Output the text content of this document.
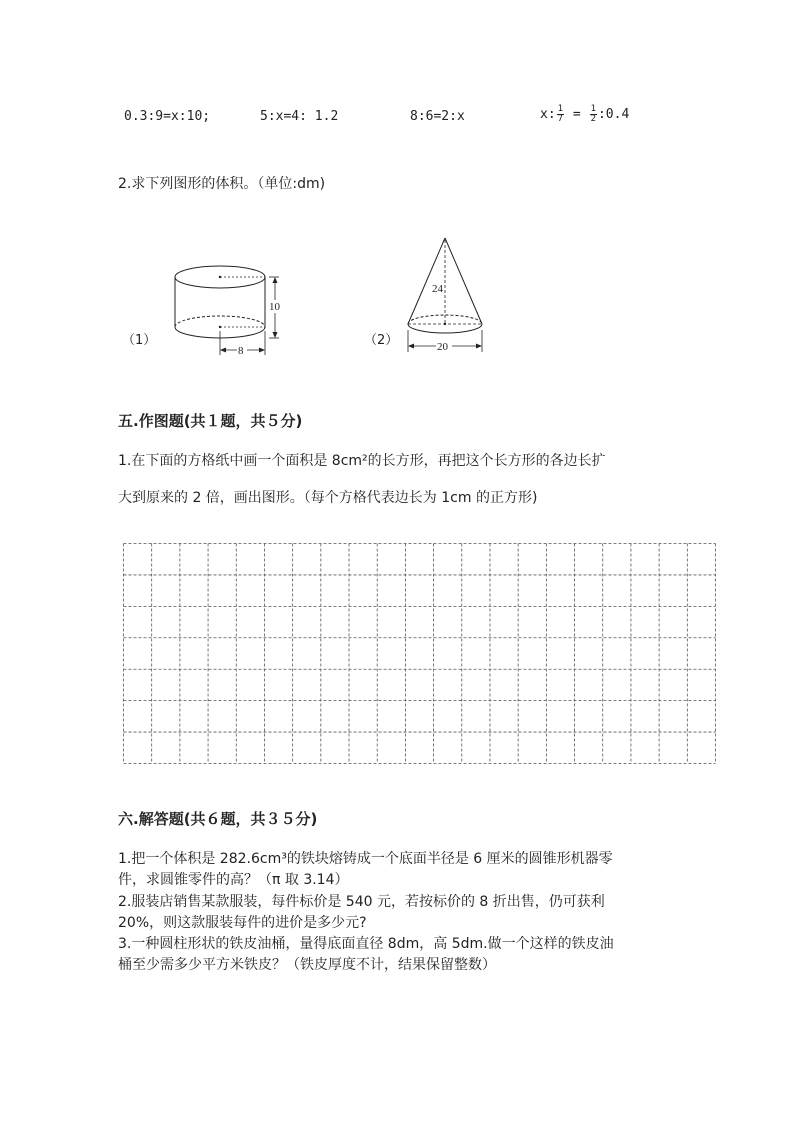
0.3:9=x:10;	5:x=4: 1.2	8:6=2:x	x: $\frac{1}{7} = \frac{1}{2}$ :0.4
2.求下列图形的体积。（单位:dm)
（1）	（2）
10
8
24
20
五.作图题(共１题，共５分)
1.在下面的方格纸中画一个面积是 8cm²的长方形，再把这个长方形的各边长扩
大到原来的 2 倍，画出图形。（每个方格代表边长为 1cm 的正方形)
六.解答题(共６题，共３５分)
1.把一个体积是 282.6cm³的铁块熔铸成一个底面半径是 6 厘米的圆锥形机器零
件，求圆锥零件的高？（π 取 3.14）
2.服装店销售某款服装，每件标价是 540 元，若按标价的 8 折出售，仍可获利
20%，则这款服装每件的进价是多少元?
3.一种圆柱形状的铁皮油桶，量得底面直径 8dm，高 5dm.做一个这样的铁皮油
桶至少需多少平方米铁皮？（铁皮厚度不计，结果保留整数）
